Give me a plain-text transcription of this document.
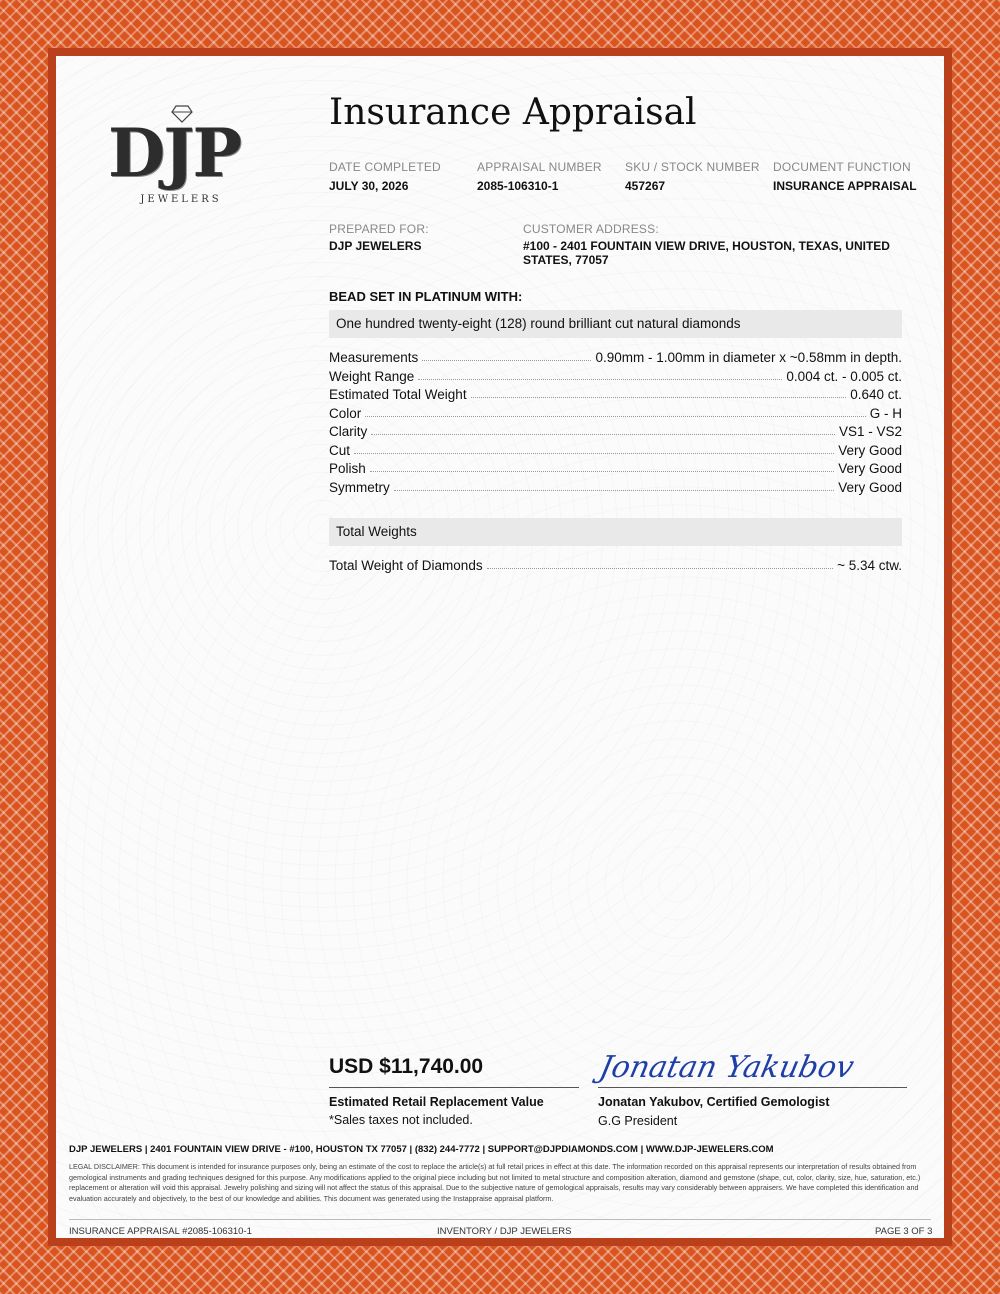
DJP
JEWELERS
Insurance Appraisal
DATE COMPLETED
JULY 30, 2026
APPRAISAL NUMBER
2085-106310-1
SKU / STOCK NUMBER
457267
DOCUMENT FUNCTION
INSURANCE APPRAISAL
PREPARED FOR:
DJP JEWELERS
CUSTOMER ADDRESS:
#100 - 2401 FOUNTAIN VIEW DRIVE, HOUSTON, TEXAS, UNITED STATES, 77057
BEAD SET IN PLATINUM WITH:
One hundred twenty-eight (128) round brilliant cut natural diamonds
Measurements	0.90mm - 1.00mm in diameter x ~0.58mm in depth.
Weight Range	0.004 ct. - 0.005 ct.
Estimated Total Weight	0.640 ct.
Color	G - H
Clarity	VS1 - VS2
Cut	Very Good
Polish	Very Good
Symmetry	Very Good
Total Weights
Total Weight of Diamonds	~ 5.34 ctw.
USD $11,740.00
Estimated Retail Replacement Value
*Sales taxes not included.
Jonatan Yakubov
Jonatan Yakubov, Certified Gemologist
G.G President
DJP JEWELERS | 2401 FOUNTAIN VIEW DRIVE - #100, HOUSTON TX 77057 | (832) 244-7772 | SUPPORT@DJPDIAMONDS.COM | WWW.DJP-JEWELERS.COM
LEGAL DISCLAIMER: This document is intended for insurance purposes only, being an estimate of the cost to replace the article(s) at full retail prices in effect at this date. The information recorded on this appraisal represents our interpretation of results obtained from gemological instruments and grading techniques designed for this purpose. Any modifications applied to the original piece including but not limited to metal structure and composition alteration, diamond and gemstone (shape, cut, color, clarity, size, hue, saturation, etc.) replacement or alteration will void this appraisal. Jewelry polishing and sizing will not affect the status of this appraisal. Due to the subjective nature of gemological appraisals, results may vary considerably between appraisers. We have completed this identification and evaluation accurately and objectively, to the best of our knowledge and abilities. This document was generated using the Instappraise appraisal platform.
INSURANCE APPRAISAL #2085-106310-1	INVENTORY / DJP JEWELERS	PAGE 3 OF 3
